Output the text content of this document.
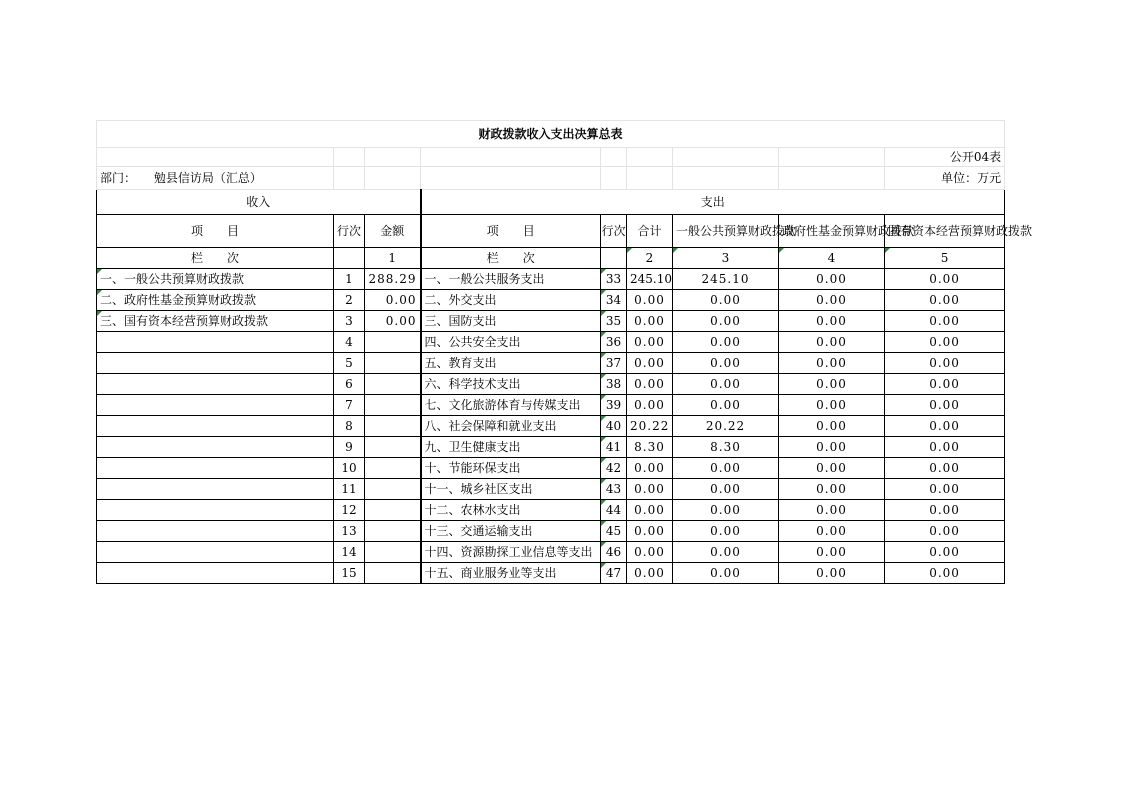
财政拨款收入支出决算总表								
								公开04表
部门： 勉县信访局（汇总）								单位：万元
收入			支出					
项　　目	行次	金额	项　　目	行次	合计	一般公共预算财政拨款	政府性基金预算财政拨款	国有资本经营预算财政拨款
栏　　次		1	栏　　次		2	3	4	5
一、一般公共预算财政拨款	1	288.29	一、一般公共服务支出	33	245.10	245.10	0.00	0.00
二、政府性基金预算财政拨款	2	0.00	二、外交支出	34	0.00	0.00	0.00	0.00
三、国有资本经营预算财政拨款	3	0.00	三、国防支出	35	0.00	0.00	0.00	0.00
	4		四、公共安全支出	36	0.00	0.00	0.00	0.00
	5		五、教育支出	37	0.00	0.00	0.00	0.00
	6		六、科学技术支出	38	0.00	0.00	0.00	0.00
	7		七、文化旅游体育与传媒支出	39	0.00	0.00	0.00	0.00
	8		八、社会保障和就业支出	40	20.22	20.22	0.00	0.00
	9		九、卫生健康支出	41	8.30	8.30	0.00	0.00
	10		十、节能环保支出	42	0.00	0.00	0.00	0.00
	11		十一、城乡社区支出	43	0.00	0.00	0.00	0.00
	12		十二、农林水支出	44	0.00	0.00	0.00	0.00
	13		十三、交通运输支出	45	0.00	0.00	0.00	0.00
	14		十四、资源勘探工业信息等支出	46	0.00	0.00	0.00	0.00
	15		十五、商业服务业等支出	47	0.00	0.00	0.00	0.00
